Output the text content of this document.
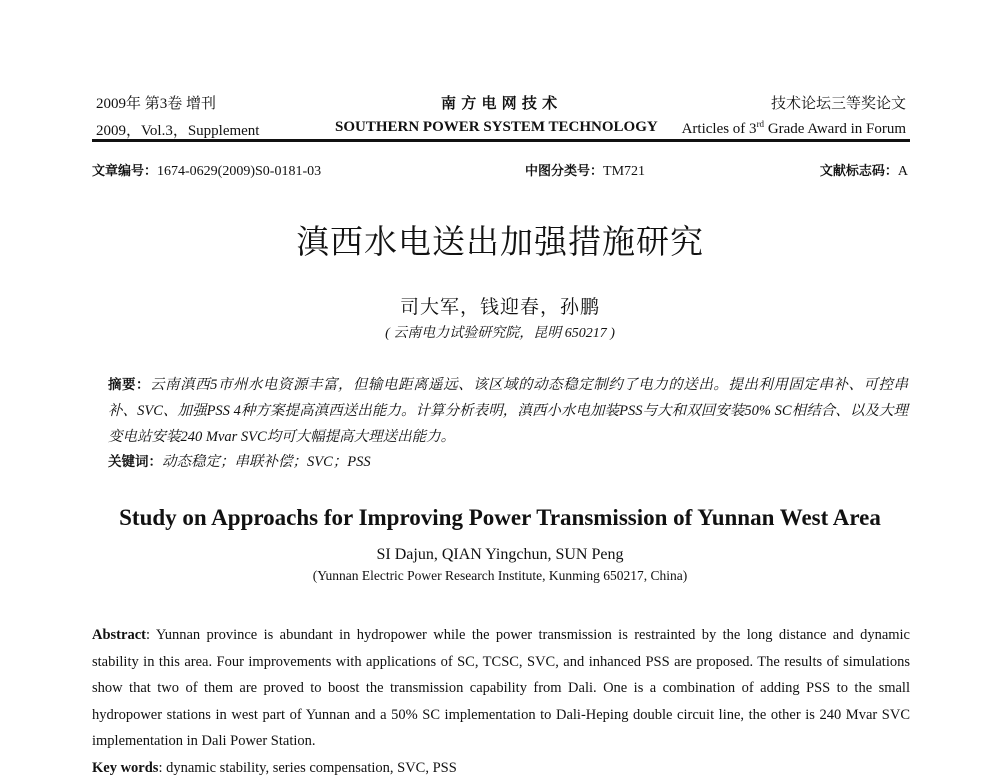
2009年 第3卷 增刊
2009，Vol.3，Supplement
南 方 电 网 技 术
SOUTHERN POWER SYSTEM TECHNOLOGY
技术论坛三等奖论文
Articles of 3rd Grade Award in Forum
文章编号：1674-0629(2009)S0-0181-03	中图分类号：TM721	文献标志码：A
滇西水电送出加强措施研究
司大军，钱迎春，孙鹏
( 云南电力试验研究院，昆明 650217 )
摘要：云南滇西5市州水电资源丰富，但输电距离遥远、该区域的动态稳定制约了电力的送出。提出利用固定串补、可控串补、SVC、加强PSS 4种方案提高滇西送出能力。计算分析表明，滇西小水电加装PSS与大和双回安装50% SC相结合、以及大理变电站安装240 Mvar SVC均可大幅提高大理送出能力。
关键词：动态稳定；串联补偿；SVC；PSS
Study on Approachs for Improving Power Transmission of Yunnan West Area
SI Dajun, QIAN Yingchun, SUN Peng
(Yunnan Electric Power Research Institute, Kunming 650217, China)
Abstract: Yunnan province is abundant in hydropower while the power transmission is restrainted by the long distance and dynamic stability in this area. Four improvements with applications of SC, TCSC, SVC, and inhanced PSS are proposed. The results of simulations show that two of them are proved to boost the transmission capability from Dali. One is a combination of adding PSS to the small hydropower stations in west part of Yunnan and a 50% SC implementation to Dali-Heping double circuit line, the other is 240 Mvar SVC implementation in Dali Power Station.
Key words: dynamic stability, series compensation, SVC, PSS
